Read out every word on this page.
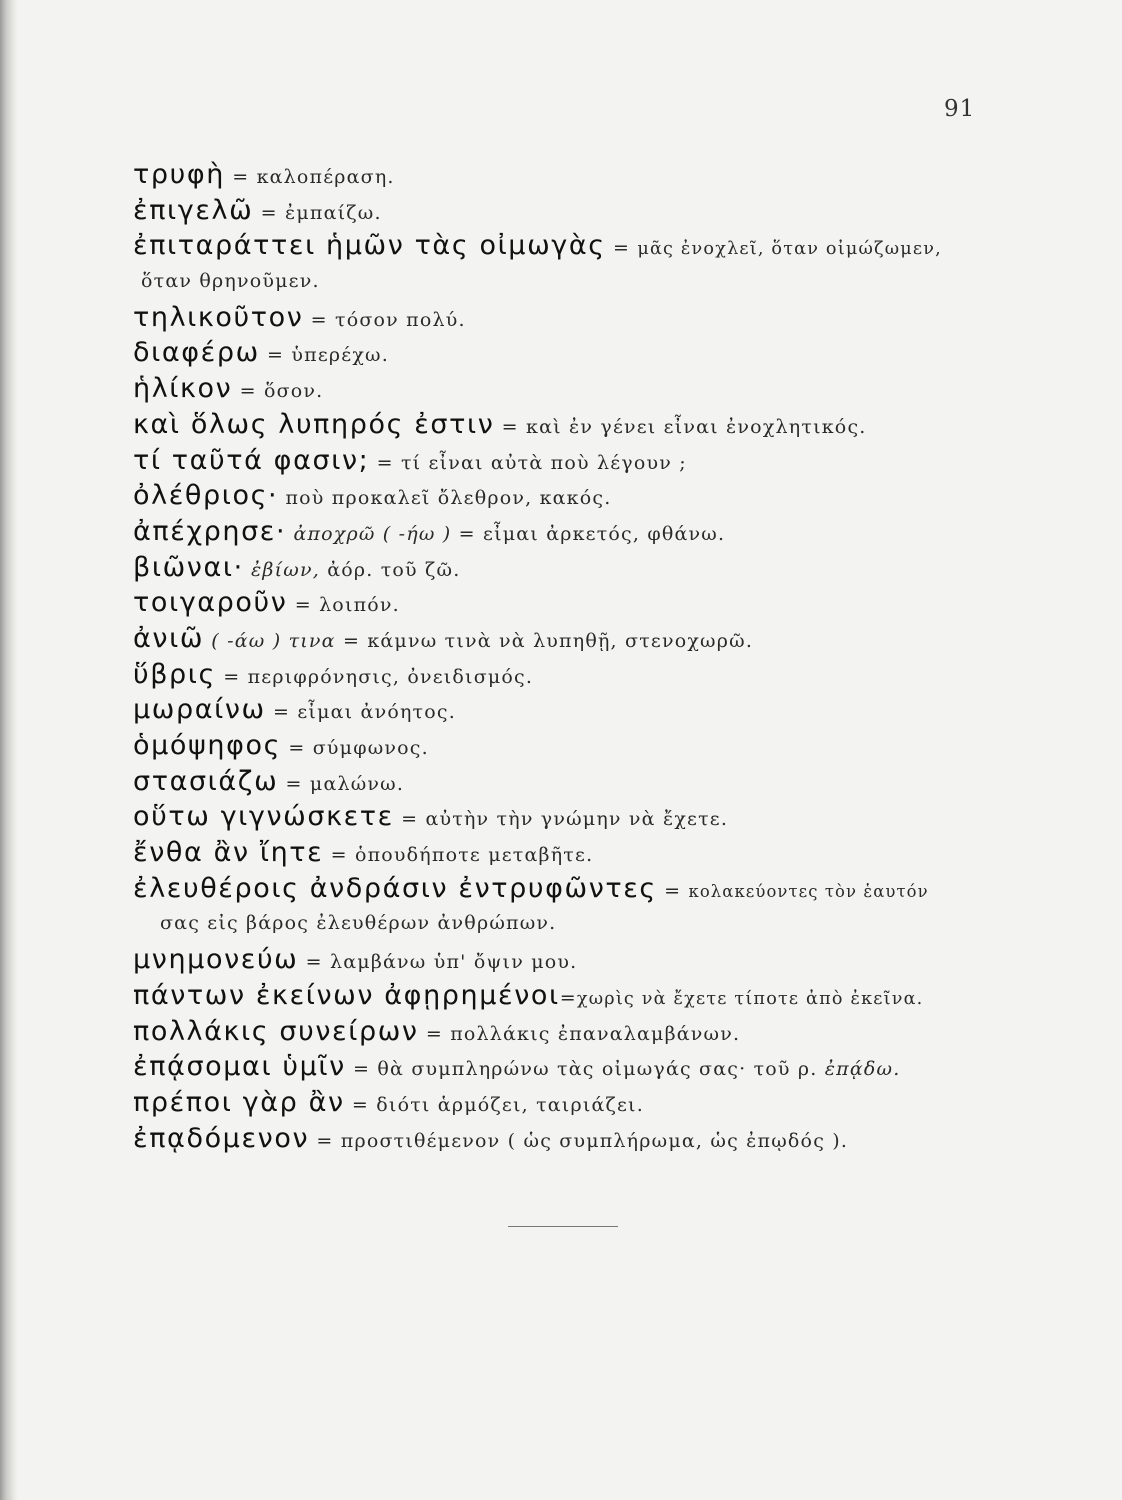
91
τρυφὴ = καλοπέραση.
ἐπιγελῶ = ἐμπαίζω.
ἐπιταράττει ἡμῶν τὰς οἰμωγὰς = μᾶς ἐνοχλεῖ, ὅταν οἰμώζωμεν,
ὅταν θρηνοῦμεν.
τηλικοῦτον = τόσον πολύ.
διαφέρω = ὑπερέχω.
ἡλίκον = ὅσον.
καὶ ὅλως λυπηρός ἐστιν = καὶ ἐν γένει εἶναι ἐνοχλητικός.
τί ταῦτά φασιν; = τί εἶναι αὐτὰ ποὺ λέγουν ;
ὀλέθριος· ποὺ προκαλεῖ ὄλεθρον, κακός.
ἀπέχρησε· ἀποχρῶ ( -ήω ) = εἶμαι ἀρκετός, φθάνω.
βιῶναι· ἐβίων, ἀόρ. τοῦ ζῶ.
τοιγαροῦν = λοιπόν.
ἀνιῶ ( -άω ) τινα = κάμνω τινὰ νὰ λυπηθῇ, στενοχωρῶ.
ὕβρις = περιφρόνησις, ὀνειδισμός.
μωραίνω = εἶμαι ἀνόητος.
ὁμόψηφος = σύμφωνος.
στασιάζω = μαλώνω.
οὕτω γιγνώσκετε = αὐτὴν τὴν γνώμην νὰ ἔχετε.
ἔνθα ἂν ἴητε = ὁπουδήποτε μεταβῆτε.
ἐλευθέροις ἀνδράσιν ἐντρυφῶντες = κολακεύοντες τὸν ἑαυτόν
σας εἰς βάρος ἐλευθέρων ἀνθρώπων.
μνημονεύω = λαμβάνω ὑπ' ὄψιν μου.
πάντων ἐκείνων ἀφῃρημένοι=χωρὶς νὰ ἔχετε τίποτε ἀπὸ ἐκεῖνα.
πολλάκις συνείρων = πολλάκις ἐπαναλαμβάνων.
ἐπᾴσομαι ὑμῖν = θὰ συμπληρώνω τὰς οἰμωγάς σας· τοῦ ρ. ἐπᾴδω.
πρέποι γὰρ ἂν = διότι ἁρμόζει, ταιριάζει.
ἐπᾳδόμενον = προστιθέμενον ( ὡς συμπλήρωμα, ὡς ἐπῳδός ).
